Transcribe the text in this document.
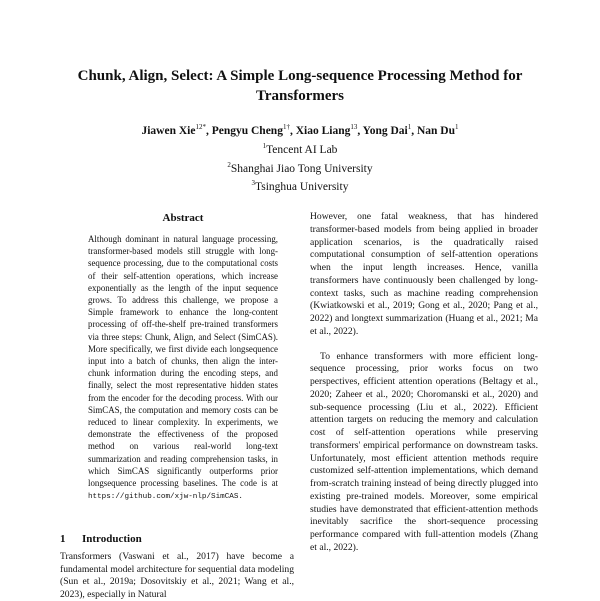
Chunk, Align, Select: A Simple Long-sequence Processing Method for Transformers
Jiawen Xie$^{12*}$, Pengyu Cheng$^{1\dagger}$, Xiao Liang$^{13}$, Yong Dai$^1$, Nan Du$^1$
$^1$Tencent AI Lab
$^2$Shanghai Jiao Tong University
$^3$Tsinghua University
Abstract
Although dominant in natural language processing, transformer-based models still struggle with long-sequence processing, due to the computational costs of their self-attention operations, which increase exponentially as the length of the input sequence grows. To address this challenge, we propose a Simple framework to enhance the long-content processing of off-the-shelf pre-trained transformers via three steps: Chunk, Align, and Select (SimCAS). More specifically, we first divide each longsequence input into a batch of chunks, then align the inter-chunk information during the encoding steps, and finally, select the most representative hidden states from the encoder for the decoding process. With our SimCAS, the computation and memory costs can be reduced to linear complexity. In experiments, we demonstrate the effectiveness of the proposed method on various real-world long-text summarization and reading comprehension tasks, in which SimCAS significantly outperforms prior longsequence processing baselines. The code is at https://github.com/xjw-nlp/SimCAS.
1 Introduction
Transformers (Vaswani et al., 2017) have become a fundamental model architecture for sequential data modeling (Sun et al., 2019a; Dosovitskiy et al., 2021; Wang et al., 2023), especially in Natural

However, one fatal weakness, that has hindered transformer-based models from being applied in broader application scenarios, is the quadratically raised computational consumption of self-attention operations when the input length increases. Hence, vanilla transformers have continuously been challenged by long-context tasks, such as machine reading comprehension (Kwiatkowski et al., 2019; Gong et al., 2020; Pang et al., 2022) and longtext summarization (Huang et al., 2021; Ma et al., 2022).

To enhance transformers with more efficient long-sequence processing, prior works focus on two perspectives, efficient attention operations (Beltagy et al., 2020; Zaheer et al., 2020; Choromanski et al., 2020) and sub-sequence processing (Liu et al., 2022). Efficient attention targets on reducing the memory and calculation cost of self-attention operations while preserving transformers' empirical performance on downstream tasks. Unfortunately, most efficient attention methods require customized self-attention implementations, which demand from-scratch training instead of being directly plugged into existing pre-trained models. Moreover, some empirical studies have demonstrated that efficient-attention methods inevitably sacrifice the short-sequence processing performance compared with full-attention models (Zhang et al., 2022).
